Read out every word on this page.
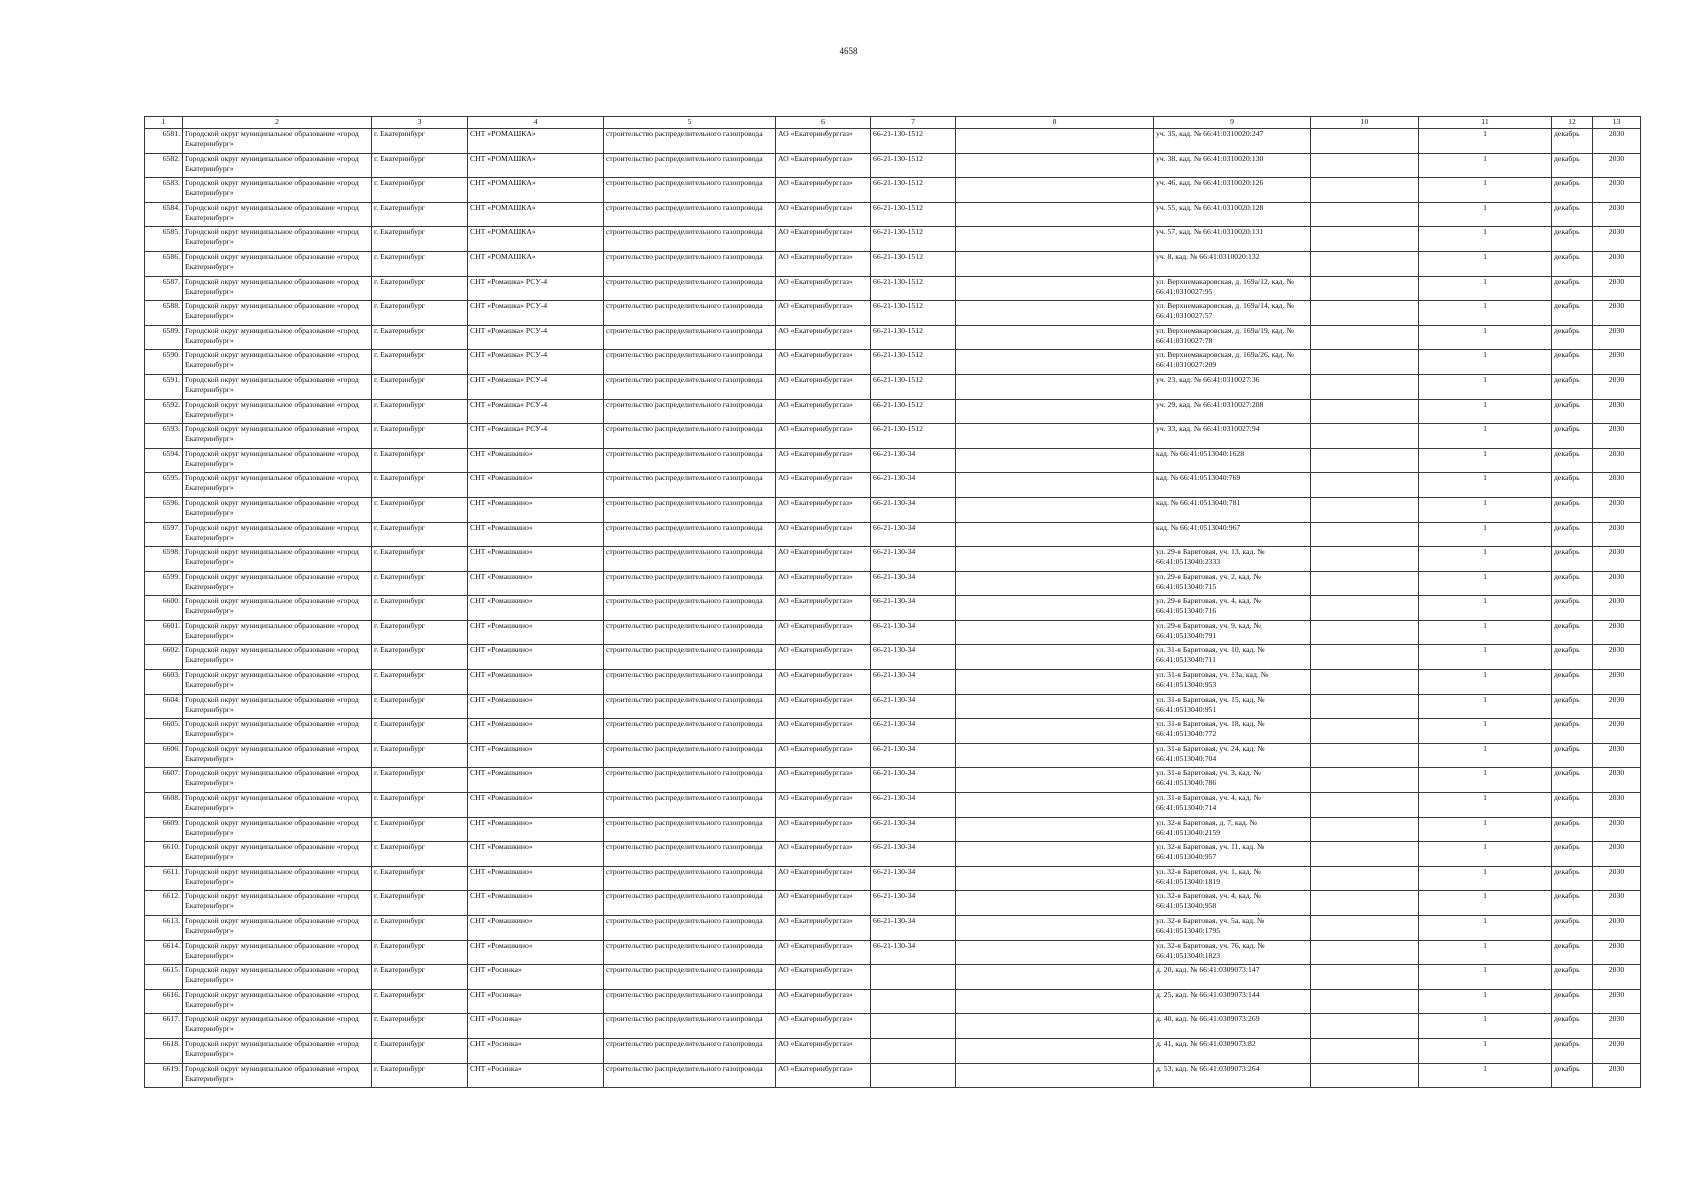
4658
1	2	3	4	5	6	7	8	9	10	11	12	13
6581.	Городской округ муниципальное образование «город Екатеринбург»	г. Екатеринбург	СНТ «РОМАШКА»	строительство распределительного газопровода	АО «Екатеринбурггаз»	66-21-130-1512		уч. 35, кад. № 66:41:0310020:247		1	декабрь	2030
6582.	Городской округ муниципальное образование «город Екатеринбург»	г. Екатеринбург	СНТ «РОМАШКА»	строительство распределительного газопровода	АО «Екатеринбурггаз»	66-21-130-1512		уч. 38, кад. № 66:41:0310020:130		1	декабрь	2030
6583.	Городской округ муниципальное образование «город Екатеринбург»	г. Екатеринбург	СНТ «РОМАШКА»	строительство распределительного газопровода	АО «Екатеринбурггаз»	66-21-130-1512		уч. 46, кад. № 66:41:0310020:126		1	декабрь	2030
6584.	Городской округ муниципальное образование «город Екатеринбург»	г. Екатеринбург	СНТ «РОМАШКА»	строительство распределительного газопровода	АО «Екатеринбурггаз»	66-21-130-1512		уч. 55, кад. № 66:41:0310020:128		1	декабрь	2030
6585.	Городской округ муниципальное образование «город Екатеринбург»	г. Екатеринбург	СНТ «РОМАШКА»	строительство распределительного газопровода	АО «Екатеринбурггаз»	66-21-130-1512		уч. 57, кад. № 66:41:0310020:131		1	декабрь	2030
6586.	Городской округ муниципальное образование «город Екатеринбург»	г. Екатеринбург	СНТ «РОМАШКА»	строительство распределительного газопровода	АО «Екатеринбурггаз»	66-21-130-1512		уч. 8, кад. № 66:41:0310020:132		1	декабрь	2030
6587.	Городской округ муниципальное образование «город Екатеринбург»	г. Екатеринбург	СНТ «Ромашка» РСУ-4	строительство распределительного газопровода	АО «Екатеринбурггаз»	66-21-130-1512		ул. Верхнемакаровская, д. 169а/12, кад. № 66:41:0310027:95		1	декабрь	2030
6588.	Городской округ муниципальное образование «город Екатеринбург»	г. Екатеринбург	СНТ «Ромашка» РСУ-4	строительство распределительного газопровода	АО «Екатеринбурггаз»	66-21-130-1512		ул. Верхнемакаровская, д. 169а/14, кад. № 66:41:0310027:57		1	декабрь	2030
6589.	Городской округ муниципальное образование «город Екатеринбург»	г. Екатеринбург	СНТ «Ромашка» РСУ-4	строительство распределительного газопровода	АО «Екатеринбурггаз»	66-21-130-1512		ул. Верхнемакаровская, д. 169а/19, кад. № 66:41:0310027:78		1	декабрь	2030
6590.	Городской округ муниципальное образование «город Екатеринбург»	г. Екатеринбург	СНТ «Ромашка» РСУ-4	строительство распределительного газопровода	АО «Екатеринбурггаз»	66-21-130-1512		ул. Верхнемакаровская, д. 169а/26, кад. № 66:41:0310027:209		1	декабрь	2030
6591.	Городской округ муниципальное образование «город Екатеринбург»	г. Екатеринбург	СНТ «Ромашка» РСУ-4	строительство распределительного газопровода	АО «Екатеринбурггаз»	66-21-130-1512		уч. 23, кад. № 66:41:0310027:36		1	декабрь	2030
6592.	Городской округ муниципальное образование «город Екатеринбург»	г. Екатеринбург	СНТ «Ромашка» РСУ-4	строительство распределительного газопровода	АО «Екатеринбурггаз»	66-21-130-1512		уч. 29, кад. № 66:41:0310027:208		1	декабрь	2030
6593.	Городской округ муниципальное образование «город Екатеринбург»	г. Екатеринбург	СНТ «Ромашка» РСУ-4	строительство распределительного газопровода	АО «Екатеринбурггаз»	66-21-130-1512		уч. 33, кад. № 66:41:0310027:94		1	декабрь	2030
6594.	Городской округ муниципальное образование «город Екатеринбург»	г. Екатеринбург	СНТ «Ромашкино»	строительство распределительного газопровода	АО «Екатеринбурггаз»	66-21-130-34		кад. № 66:41:0513040:1628		1	декабрь	2030
6595.	Городской округ муниципальное образование «город Екатеринбург»	г. Екатеринбург	СНТ «Ромашкино»	строительство распределительного газопровода	АО «Екатеринбурггаз»	66-21-130-34		кад. № 66:41:0513040:769		1	декабрь	2030
6596.	Городской округ муниципальное образование «город Екатеринбург»	г. Екатеринбург	СНТ «Ромашкино»	строительство распределительного газопровода	АО «Екатеринбурггаз»	66-21-130-34		кад. № 66:41:0513040:781		1	декабрь	2030
6597.	Городской округ муниципальное образование «город Екатеринбург»	г. Екатеринбург	СНТ «Ромашкино»	строительство распределительного газопровода	АО «Екатеринбурггаз»	66-21-130-34		кад. № 66:41:0513040:967		1	декабрь	2030
6598.	Городской округ муниципальное образование «город Екатеринбург»	г. Екатеринбург	СНТ «Ромашкино»	строительство распределительного газопровода	АО «Екатеринбурггаз»	66-21-130-34		ул. 29-я Барвтовая, уч. 13, кад. № 66:41:0513040:2333		1	декабрь	2030
6599.	Городской округ муниципальное образование «город Екатеринбург»	г. Екатеринбург	СНТ «Ромашкино»	строительство распределительного газопровода	АО «Екатеринбурггаз»	66-21-130-34		ул. 29-я Барвтовая, уч. 2, кад. № 66:41:0513040:715		1	декабрь	2030
6600.	Городской округ муниципальное образование «город Екатеринбург»	г. Екатеринбург	СНТ «Ромашкино»	строительство распределительного газопровода	АО «Екатеринбурггаз»	66-21-130-34		ул. 29-я Барвтовая, уч. 4, кад. № 66:41:0513040:716		1	декабрь	2030
6601.	Городской округ муниципальное образование «город Екатеринбург»	г. Екатеринбург	СНТ «Ромашкино»	строительство распределительного газопровода	АО «Екатеринбурггаз»	66-21-130-34		ул. 29-я Барвтовая, уч. 9, кад. № 66:41:0513040:791		1	декабрь	2030
6602.	Городской округ муниципальное образование «город Екатеринбург»	г. Екатеринбург	СНТ «Ромашкино»	строительство распределительного газопровода	АО «Екатеринбурггаз»	66-21-130-34		ул. 31-я Барвтовая, уч. 10, кад. № 66:41:0513040:711		1	декабрь	2030
6603.	Городской округ муниципальное образование «город Екатеринбург»	г. Екатеринбург	СНТ «Ромашкино»	строительство распределительного газопровода	АО «Екатеринбурггаз»	66-21-130-34		ул. 31-я Барвтовая, уч. 13а, кад. № 66:41:0513040:953		1	декабрь	2030
6604.	Городской округ муниципальное образование «город Екатеринбург»	г. Екатеринбург	СНТ «Ромашкино»	строительство распределительного газопровода	АО «Екатеринбурггаз»	66-21-130-34		ул. 31-я Барвтовая, уч. 15, кад. № 66:41:0513040:951		1	декабрь	2030
6605.	Городской округ муниципальное образование «город Екатеринбург»	г. Екатеринбург	СНТ «Ромашкино»	строительство распределительного газопровода	АО «Екатеринбурггаз»	66-21-130-34		ул. 31-я Барвтовая, уч. 18, кад. № 66:41:0513040:772		1	декабрь	2030
6606.	Городской округ муниципальное образование «город Екатеринбург»	г. Екатеринбург	СНТ «Ромашкино»	строительство распределительного газопровода	АО «Екатеринбурггаз»	66-21-130-34		ул. 31-я Барвтовая, уч. 24, кад. № 66:41:0513040:704		1	декабрь	2030
6607.	Городской округ муниципальное образование «город Екатеринбург»	г. Екатеринбург	СНТ «Ромашкино»	строительство распределительного газопровода	АО «Екатеринбурггаз»	66-21-130-34		ул. 31-я Барвтовая, уч. 3, кад. № 66:41:0513040:786		1	декабрь	2030
6608.	Городской округ муниципальное образование «город Екатеринбург»	г. Екатеринбург	СНТ «Ромашкино»	строительство распределительного газопровода	АО «Екатеринбурггаз»	66-21-130-34		ул. 31-я Барвтовая, уч. 4, кад. № 66:41:0513040:714		1	декабрь	2030
6609.	Городской округ муниципальное образование «город Екатеринбург»	г. Екатеринбург	СНТ «Ромашкино»	строительство распределительного газопровода	АО «Екатеринбурггаз»	66-21-130-34		ул. 32-я Барвтовая, д. 7, кад. № 66:41:0513040:2159		1	декабрь	2030
6610.	Городской округ муниципальное образование «город Екатеринбург»	г. Екатеринбург	СНТ «Ромашкино»	строительство распределительного газопровода	АО «Екатеринбурггаз»	66-21-130-34		ул. 32-я Барвтовая, уч. 11, кад. № 66:41:0513040:957		1	декабрь	2030
6611.	Городской округ муниципальное образование «город Екатеринбург»	г. Екатеринбург	СНТ «Ромашкино»	строительство распределительного газопровода	АО «Екатеринбурггаз»	66-21-130-34		ул. 32-я Барвтовая, уч. 1, кад. № 66:41:0513040:1819		1	декабрь	2030
6612.	Городской округ муниципальное образование «город Екатеринбург»	г. Екатеринбург	СНТ «Ромашкино»	строительство распределительного газопровода	АО «Екатеринбурггаз»	66-21-130-34		ул. 32-я Барвтовая, уч. 4, кад. № 66:41:0513040:958		1	декабрь	2030
6613.	Городской округ муниципальное образование «город Екатеринбург»	г. Екатеринбург	СНТ «Ромашкино»	строительство распределительного газопровода	АО «Екатеринбурггаз»	66-21-130-34		ул. 32-я Барвтовая, уч. 5а, кад. № 66:41:0513040:1795		1	декабрь	2030
6614.	Городской округ муниципальное образование «город Екатеринбург»	г. Екатеринбург	СНТ «Ромашкино»	строительство распределительного газопровода	АО «Екатеринбурггаз»	66-21-130-34		ул. 32-я Барвтовая, уч. 76, кад. № 66:41:0513040:1823		1	декабрь	2030
6615.	Городской округ муниципальное образование «город Екатеринбург»	г. Екатеринбург	СНТ «Росинка»	строительство распределительного газопровода	АО «Екатеринбурггаз»			д. 20, кад. № 66:41:0309073:147		1	декабрь	2030
6616.	Городской округ муниципальное образование «город Екатеринбург»	г. Екатеринбург	СНТ «Росинка»	строительство распределительного газопровода	АО «Екатеринбурггаз»			д. 25, кад. № 66:41:0309073:144		1	декабрь	2030
6617.	Городской округ муниципальное образование «город Екатеринбург»	г. Екатеринбург	СНТ «Росинка»	строительство распределительного газопровода	АО «Екатеринбурггаз»			д. 40, кад. № 66:41:0309073:269		1	декабрь	2030
6618.	Городской округ муниципальное образование «город Екатеринбург»	г. Екатеринбург	СНТ «Росинка»	строительство распределительного газопровода	АО «Екатеринбурггаз»			д. 41, кад. № 66:41:0309073:82		1	декабрь	2030
6619.	Городской округ муниципальное образование «город Екатеринбург»	г. Екатеринбург	СНТ «Росинка»	строительство распределительного газопровода	АО «Екатеринбурггаз»			д. 53, кад. № 66:41:0309073:264		1	декабрь	2030
